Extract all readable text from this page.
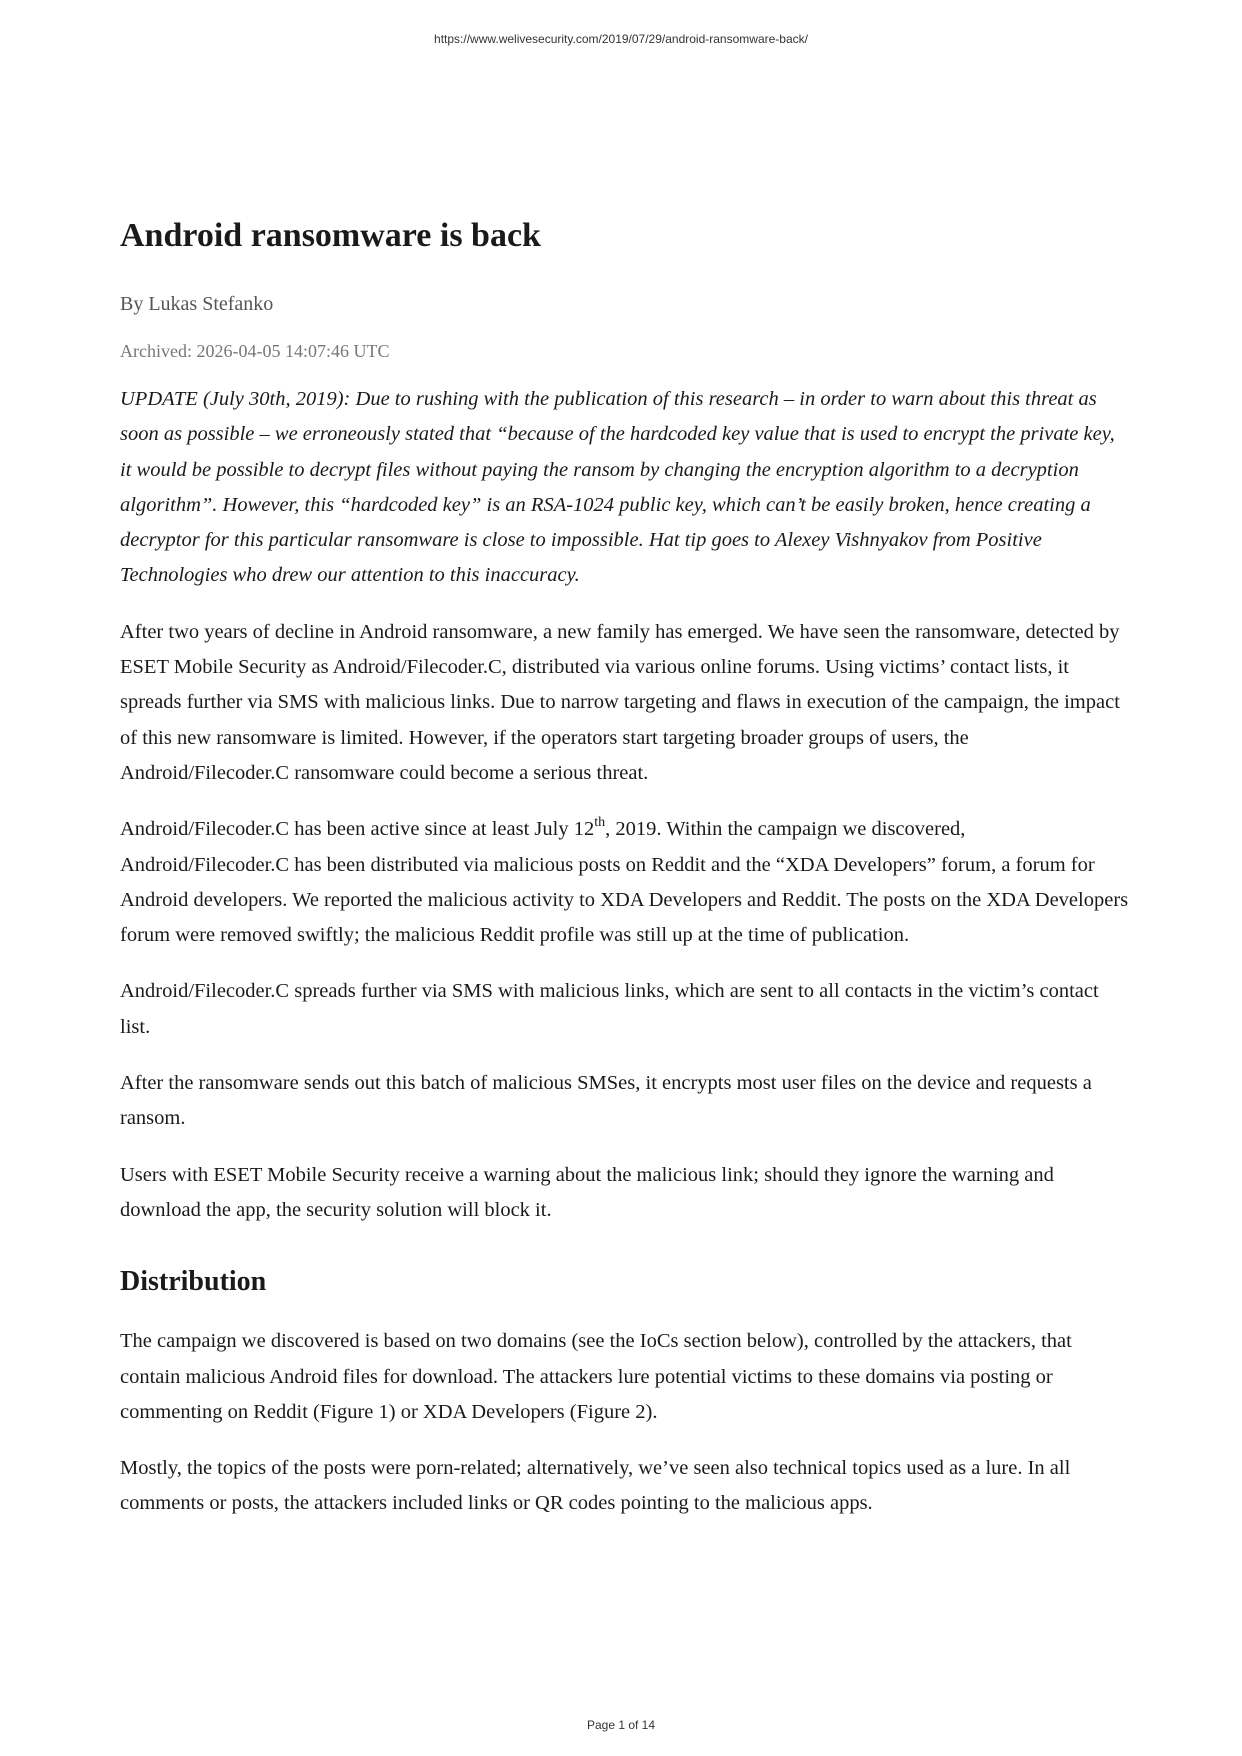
https://www.welivesecurity.com/2019/07/29/android-ransomware-back/
Android ransomware is back
By Lukas Stefanko
Archived: 2026-04-05 14:07:46 UTC

UPDATE (July 30th, 2019): Due to rushing with the publication of this research – in order to warn about this threat as soon as possible – we erroneously stated that “because of the hardcoded key value that is used to encrypt the private key, it would be possible to decrypt files without paying the ransom by changing the encryption algorithm to a decryption algorithm”. However, this “hardcoded key” is an RSA-1024 public key, which can’t be easily broken, hence creating a decryptor for this particular ransomware is close to impossible. Hat tip goes to Alexey Vishnyakov from Positive Technologies who drew our attention to this inaccuracy.

After two years of decline in Android ransomware, a new family has emerged. We have seen the ransomware, detected by ESET Mobile Security as Android/Filecoder.C, distributed via various online forums. Using victims’ contact lists, it spreads further via SMS with malicious links. Due to narrow targeting and flaws in execution of the campaign, the impact of this new ransomware is limited. However, if the operators start targeting broader groups of users, the Android/Filecoder.C ransomware could become a serious threat.

Android/Filecoder.C has been active since at least July 12th, 2019. Within the campaign we discovered, Android/Filecoder.C has been distributed via malicious posts on Reddit and the “XDA Developers” forum, a forum for Android developers. We reported the malicious activity to XDA Developers and Reddit. The posts on the XDA Developers forum were removed swiftly; the malicious Reddit profile was still up at the time of publication.

Android/Filecoder.C spreads further via SMS with malicious links, which are sent to all contacts in the victim’s contact list.

After the ransomware sends out this batch of malicious SMSes, it encrypts most user files on the device and requests a ransom.

Users with ESET Mobile Security receive a warning about the malicious link; should they ignore the warning and download the app, the security solution will block it.

Distribution

The campaign we discovered is based on two domains (see the IoCs section below), controlled by the attackers, that contain malicious Android files for download. The attackers lure potential victims to these domains via posting or commenting on Reddit (Figure 1) or XDA Developers (Figure 2).

Mostly, the topics of the posts were porn-related; alternatively, we’ve seen also technical topics used as a lure. In all comments or posts, the attackers included links or QR codes pointing to the malicious apps.

Page 1 of 14
